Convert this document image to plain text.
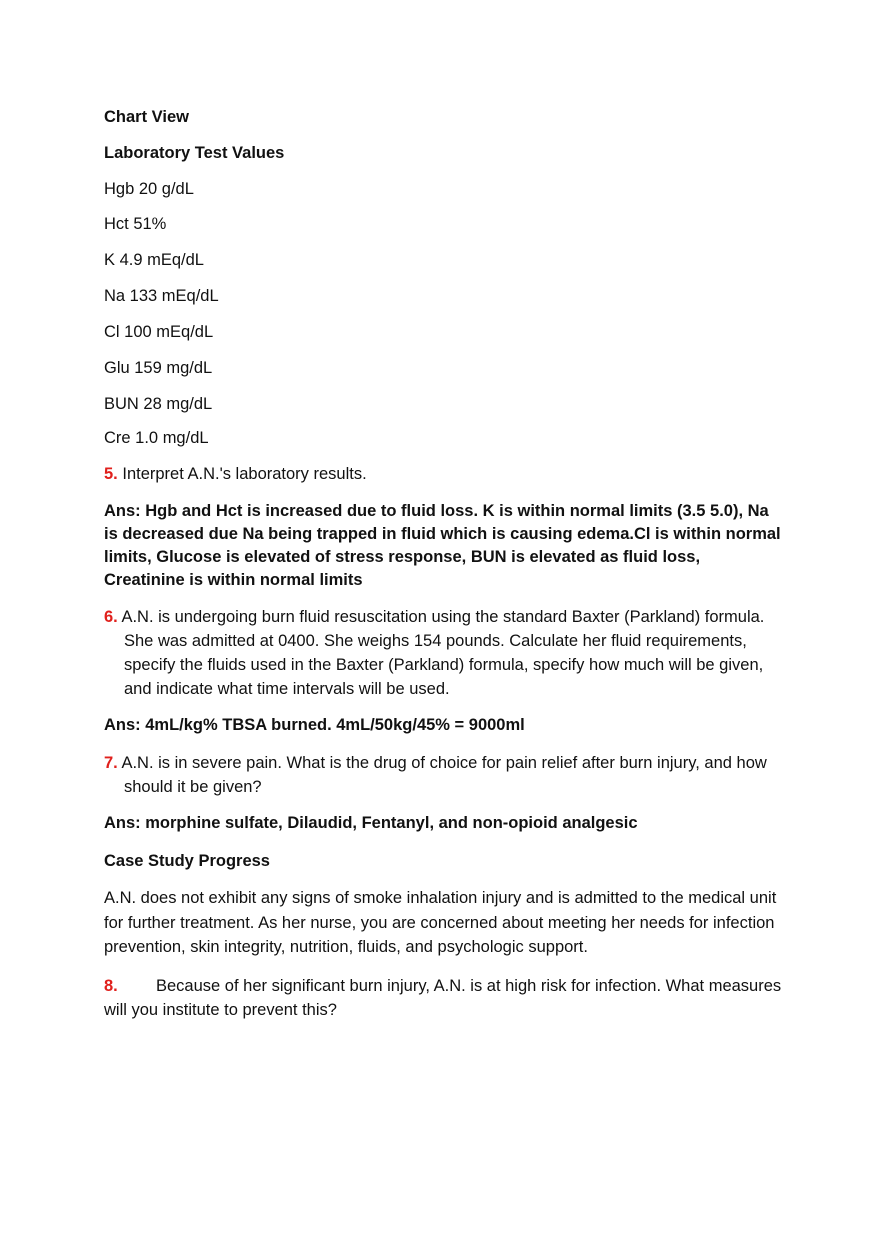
Chart View

Laboratory Test Values

Hgb 20 g/dL

Hct 51%

K 4.9 mEq/dL

Na 133 mEq/dL

Cl 100 mEq/dL

Glu 159 mg/dL

BUN 28 mg/dL

Cre 1.0 mg/dL

5. Interpret A.N.'s laboratory results.

Ans: Hgb and Hct is increased due to fluid loss. K is within normal limits (3.5 5.0), Na is decreased due Na being trapped in fluid which is causing edema.Cl is within normal limits, Glucose is elevated of stress response, BUN is elevated as fluid loss, Creatinine is within normal limits

6. A.N. is undergoing burn fluid resuscitation using the standard Baxter (Parkland) formula. She was admitted at 0400. She weighs 154 pounds. Calculate her fluid requirements, specify the fluids used in the Baxter (Parkland) formula, specify how much will be given, and indicate what time intervals will be used.

Ans: 4mL/kg% TBSA burned. 4mL/50kg/45% = 9000ml

7. A.N. is in severe pain. What is the drug of choice for pain relief after burn injury, and how should it be given?

Ans: morphine sulfate, Dilaudid, Fentanyl, and non-opioid analgesic

Case Study Progress

A.N. does not exhibit any signs of smoke inhalation injury and is admitted to the medical unit for further treatment. As her nurse, you are concerned about meeting her needs for infection prevention, skin integrity, nutrition, fluids, and psychologic support.

8. Because of her significant burn injury, A.N. is at high risk for infection. What measures will you institute to prevent this?
